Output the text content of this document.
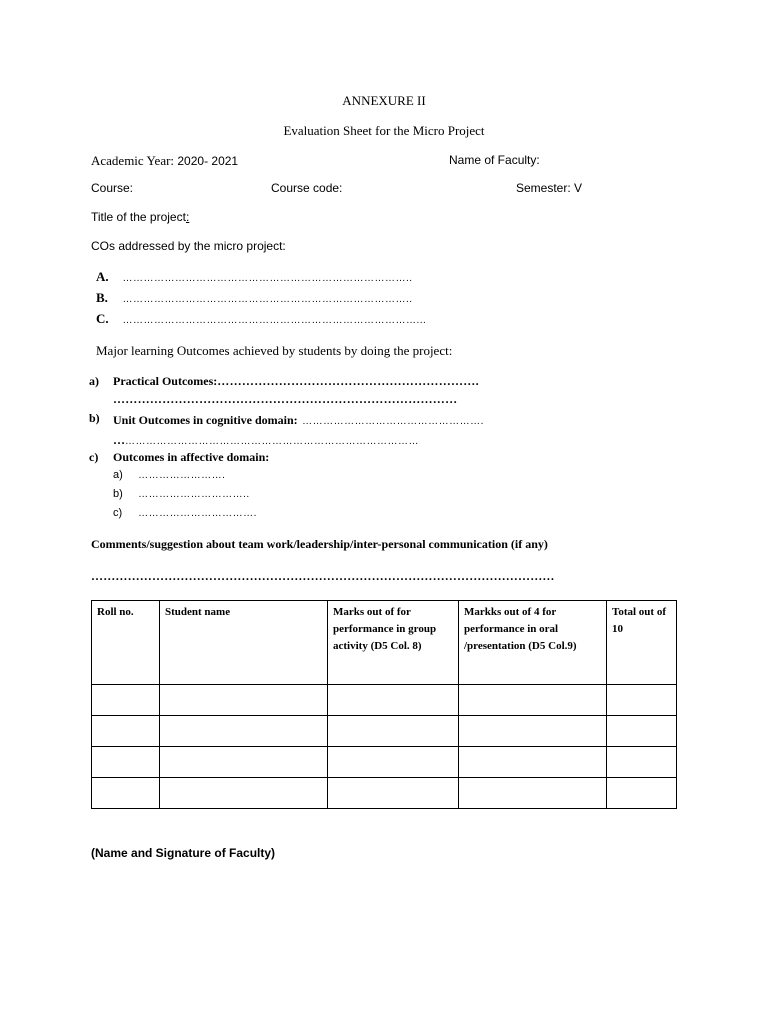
ANNEXURE II
Evaluation Sheet for the Micro Project
Academic Year: 2020- 2021	Name of Faculty:
Course:	Course code:	Semester: V
Title of the project:
COs addressed by the micro project:
A. ………………………………………………………………………..
B. ………………………………………………………………………..
C. …………………………………………………………………………...
Major learning Outcomes achieved by students by doing the project:
a) Practical Outcomes:……………………………………………………….
…………………………………………………………………………
b) Unit Outcomes in cognitive domain: …………………………………………….
……………………………………………………………………………
c) Outcomes in affective domain:
a) …………………….
b) …………………………..
c) …………………………….
Comments/suggestion about team work/leadership/inter-personal communication (if any)
……………………………………………………………………………………………………
Roll no.	Student name	Marks out of for performance in group activity (D5 Col. 8)	Markks out of 4 for performance in oral /presentation (D5 Col.9)	Total out of 10

(Name and Signature of Faculty)
